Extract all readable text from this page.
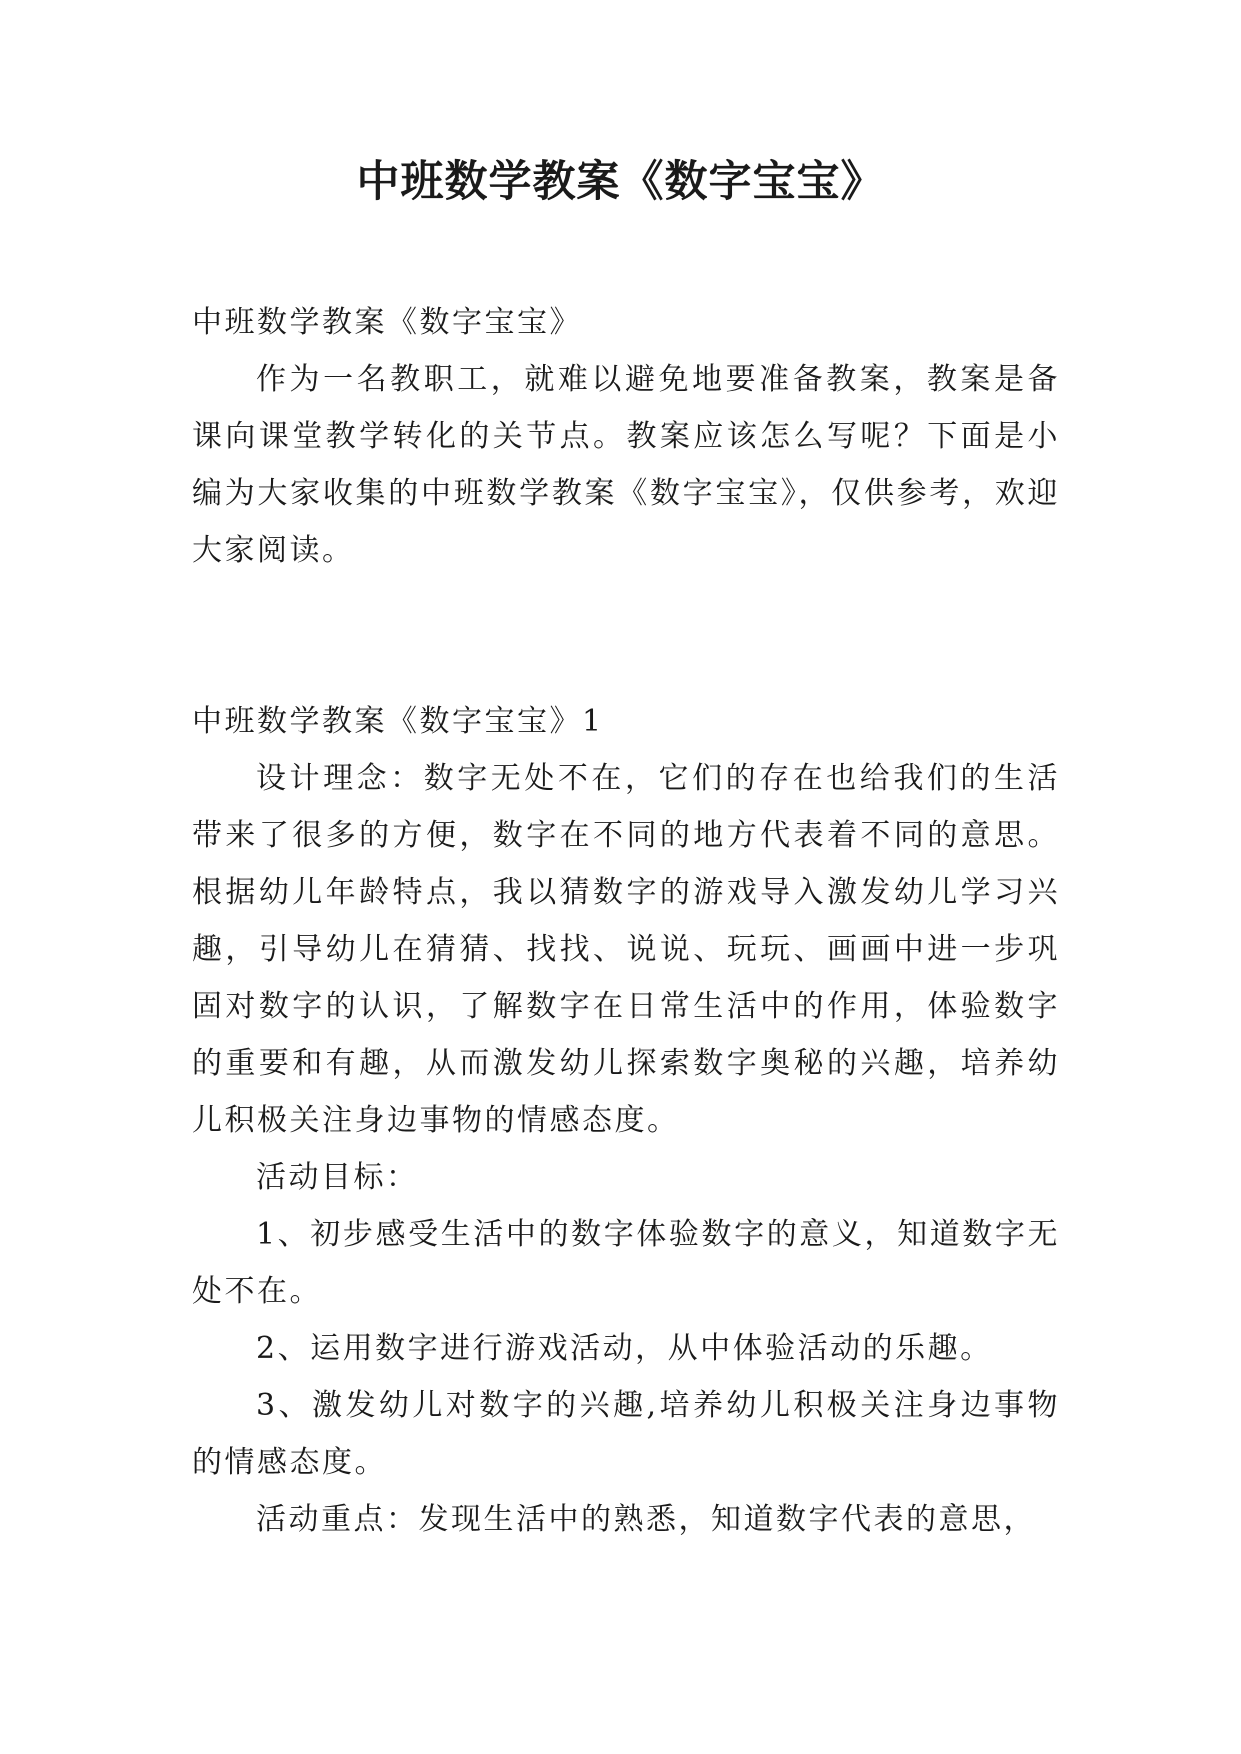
中班数学教案《数字宝宝》

中班数学教案《数字宝宝》

作为一名教职工，就难以避免地要准备教案，教案是备课向课堂教学转化的关节点。教案应该怎么写呢？下面是小编为大家收集的中班数学教案《数字宝宝》，仅供参考，欢迎大家阅读。

中班数学教案《数字宝宝》1

设计理念：数字无处不在，它们的存在也给我们的生活带来了很多的方便，数字在不同的地方代表着不同的意思。根据幼儿年龄特点，我以猜数字的游戏导入激发幼儿学习兴趣，引导幼儿在猜猜、找找、说说、玩玩、画画中进一步巩固对数字的认识，了解数字在日常生活中的作用，体验数字的重要和有趣，从而激发幼儿探索数字奥秘的兴趣，培养幼儿积极关注身边事物的情感态度。

活动目标：

1、初步感受生活中的数字体验数字的意义，知道数字无处不在。

2、运用数字进行游戏活动，从中体验活动的乐趣。

3、激发幼儿对数字的兴趣,培养幼儿积极关注身边事物的情感态度。

活动重点：发现生活中的熟悉，知道数字代表的意思，
